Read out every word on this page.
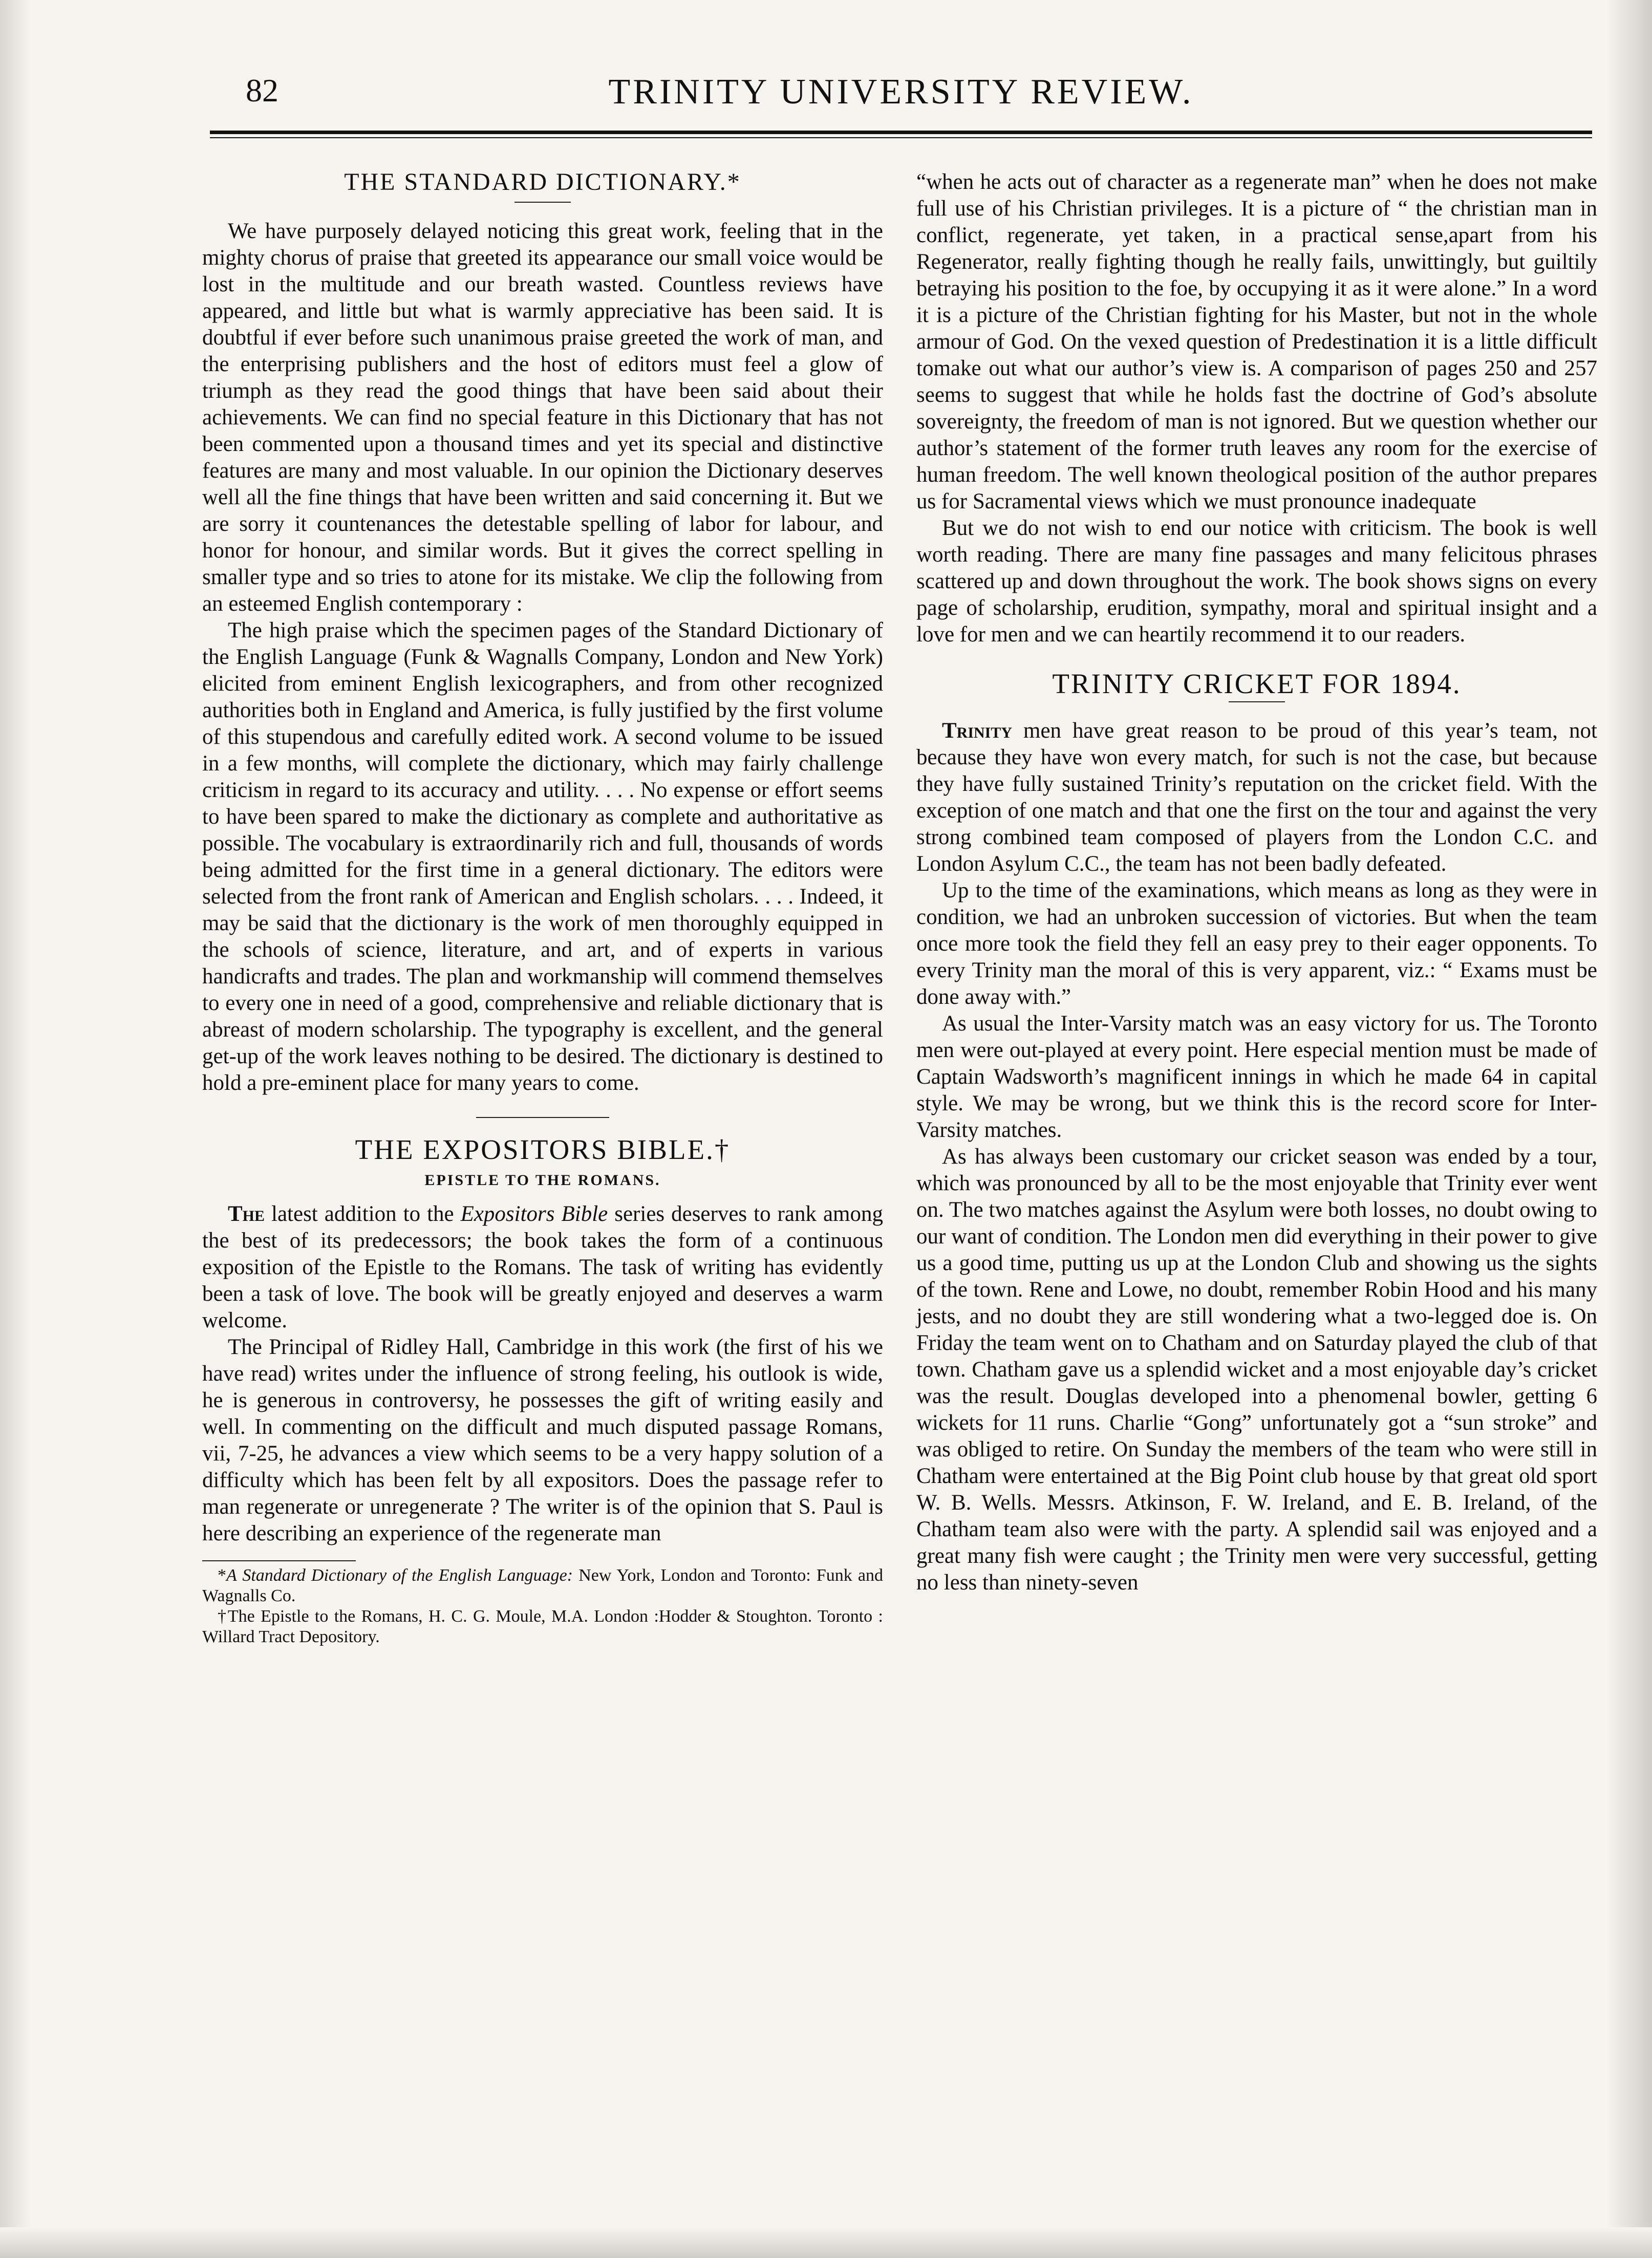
82	TRINITY UNIVERSITY REVIEW.
THE STANDARD DICTIONARY.*

We have purposely delayed noticing this great work, feeling that in the mighty chorus of praise that greeted its appearance our small voice would be lost in the multitude and our breath wasted. Countless reviews have appeared, and little but what is warmly appreciative has been said. It is doubtful if ever before such unanimous praise greeted the work of man, and the enterprising publishers and the host of editors must feel a glow of triumph as they read the good things that have been said about their achievements. We can find no special feature in this Dictionary that has not been commented upon a thousand times and yet its special and distinctive features are many and most valuable. In our opinion the Dictionary deserves well all the fine things that have been written and said concerning it. But we are sorry it countenances the detestable spelling of labor for labour, and honor for honour, and similar words. But it gives the correct spelling in smaller type and so tries to atone for its mistake. We clip the following from an esteemed English contemporary :

The high praise which the specimen pages of the Standard Dictionary of the English Language (Funk & Wagnalls Company, London and New York) elicited from eminent English lexicographers, and from other recognized authorities both in England and America, is fully justified by the first volume of this stupendous and carefully edited work. A second volume to be issued in a few months, will complete the dictionary, which may fairly challenge criticism in regard to its accuracy and utility. . . . No expense or effort seems to have been spared to make the dictionary as complete and authoritative as possible. The vocabulary is extraordinarily rich and full, thousands of words being admitted for the first time in a general dictionary. The editors were selected from the front rank of American and English scholars. . . . Indeed, it may be said that the dictionary is the work of men thoroughly equipped in the schools of science, literature, and art, and of experts in various handicrafts and trades. The plan and workmanship will commend themselves to every one in need of a good, comprehensive and reliable dictionary that is abreast of modern scholarship. The typography is excellent, and the general get-up of the work leaves nothing to be desired. The dictionary is destined to hold a pre-eminent place for many years to come.

THE EXPOSITORS BIBLE.†
EPISTLE TO THE ROMANS.

The latest addition to the Expositors Bible series deserves to rank among the best of its predecessors; the book takes the form of a continuous exposition of the Epistle to the Romans. The task of writing has evidently been a task of love. The book will be greatly enjoyed and deserves a warm welcome.

The Principal of Ridley Hall, Cambridge in this work (the first of his we have read) writes under the influence of strong feeling, his outlook is wide, he is generous in controversy, he possesses the gift of writing easily and well. In commenting on the difficult and much disputed passage Romans, vii, 7-25, he advances a view which seems to be a very happy solution of a difficulty which has been felt by all expositors. Does the passage refer to man regenerate or unregenerate ? The writer is of the opinion that S. Paul is here describing an experience of the regenerate man

*A Standard Dictionary of the English Language: New York, London and Toronto: Funk and Wagnalls Co.

†The Epistle to the Romans, H. C. G. Moule, M.A. London :Hodder & Stoughton. Toronto : Willard Tract Depository.

“when he acts out of character as a regenerate man” when he does not make full use of his Christian privileges. It is a picture of “ the christian man in conflict, regenerate, yet taken, in a practical sense,apart from his Regenerator, really fighting though he really fails, unwittingly, but guiltily betraying his position to the foe, by occupying it as it were alone.” In a word it is a picture of the Christian fighting for his Master, but not in the whole armour of God. On the vexed question of Predestination it is a little difficult tomake out what our author’s view is. A comparison of pages 250 and 257 seems to suggest that while he holds fast the doctrine of God’s absolute sovereignty, the freedom of man is not ignored. But we question whether our author’s statement of the former truth leaves any room for the exercise of human freedom. The well known theological position of the author prepares us for Sacramental views which we must pronounce inadequate

But we do not wish to end our notice with criticism. The book is well worth reading. There are many fine passages and many felicitous phrases scattered up and down throughout the work. The book shows signs on every page of scholarship, erudition, sympathy, moral and spiritual insight and a love for men and we can heartily recommend it to our readers.

TRINITY CRICKET FOR 1894.

Trinity men have great reason to be proud of this year’s team, not because they have won every match, for such is not the case, but because they have fully sustained Trinity’s reputation on the cricket field. With the exception of one match and that one the first on the tour and against the very strong combined team composed of players from the London C.C. and London Asylum C.C., the team has not been badly defeated.

Up to the time of the examinations, which means as long as they were in condition, we had an unbroken succession of victories. But when the team once more took the field they fell an easy prey to their eager opponents. To every Trinity man the moral of this is very apparent, viz.: “ Exams must be done away with.”

As usual the Inter-Varsity match was an easy victory for us. The Toronto men were out-played at every point. Here especial mention must be made of Captain Wadsworth’s magnificent innings in which he made 64 in capital style. We may be wrong, but we think this is the record score for Inter-Varsity matches.

As has always been customary our cricket season was ended by a tour, which was pronounced by all to be the most enjoyable that Trinity ever went on. The two matches against the Asylum were both losses, no doubt owing to our want of condition. The London men did everything in their power to give us a good time, putting us up at the London Club and showing us the sights of the town. Rene and Lowe, no doubt, remember Robin Hood and his many jests, and no doubt they are still wondering what a two-legged doe is. On Friday the team went on to Chatham and on Saturday played the club of that town. Chatham gave us a splendid wicket and a most enjoyable day’s cricket was the result. Douglas developed into a phenomenal bowler, getting 6 wickets for 11 runs. Charlie “Gong” unfortunately got a “sun stroke” and was obliged to retire. On Sunday the members of the team who were still in Chatham were entertained at the Big Point club house by that great old sport W. B. Wells. Messrs. Atkinson, F. W. Ireland, and E. B. Ireland, of the Chatham team also were with the party. A splendid sail was enjoyed and a great many fish were caught ; the Trinity men were very successful, getting no less than ninety-seven
